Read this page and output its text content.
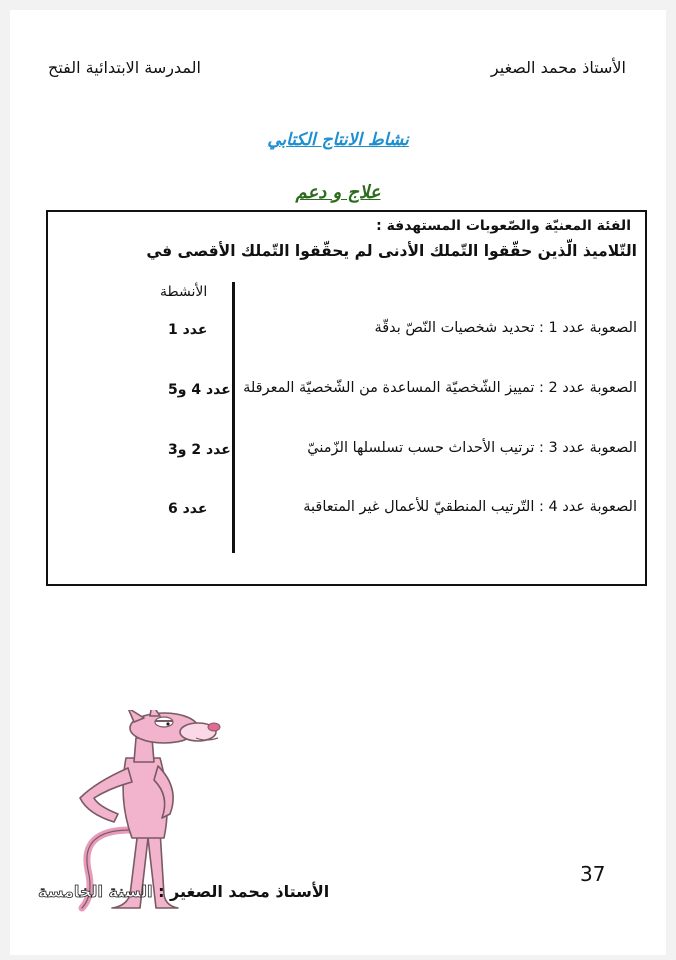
الأستاذ محمد الصغير
المدرسة الابتدائية الفتح
نشاط الانتاج الكتابي
علاج و دعم
الفئة المعنيّة والصّعوبات المستهدفة :
التّلاميذ الّذين حقّقوا التّملك الأدنى لم يحقّقوا التّملك الأقصى في
الأنشطة
الصعوبة عدد 1 : تحديد شخصيات النّصّ بدقّة
عدد 1
الصعوبة عدد 2 : تمييز الشّخصيّة المساعدة من الشّخصيّة المعرقلة
عدد 4 و5
الصعوبة عدد 3 : ترتيب الأحداث حسب تسلسلها الزّمنيّ
عدد 2 و3
الصعوبة عدد 4 : التّرتيب المنطقيّ للأعمال غير المتعاقبة
عدد 6
37
الأستاذ محمد الصغير : السنة الخامسة
